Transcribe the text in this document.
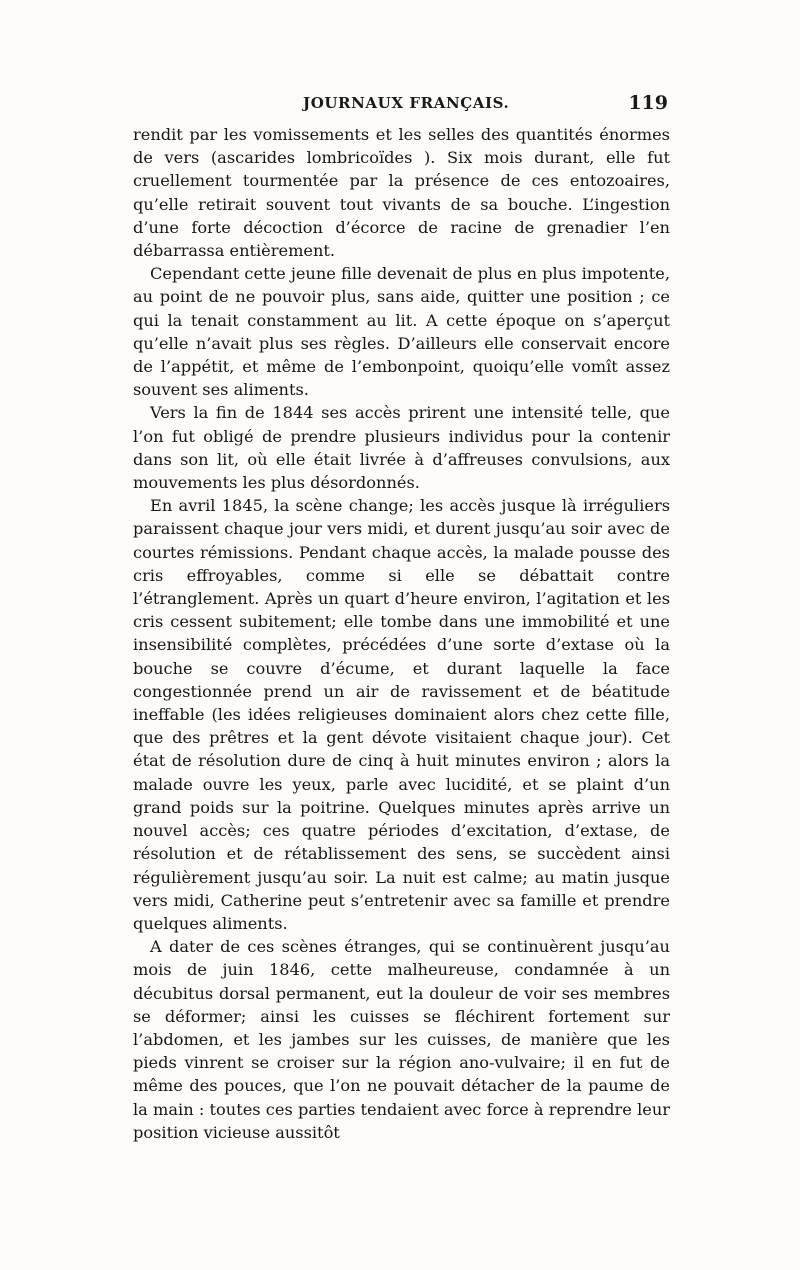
JOURNAUX FRANÇAIS.	119

rendit par les vomissements et les selles des quantités énormes de vers (ascarides lombricoïdes ). Six mois durant, elle fut cruellement tourmentée par la présence de ces entozoaires, qu’elle retirait souvent tout vivants de sa bouche. L’ingestion d’une forte décoction d’écorce de racine de grenadier l’en débarrassa entièrement.

Cependant cette jeune fille devenait de plus en plus impotente, au point de ne pouvoir plus, sans aide, quitter une position ; ce qui la tenait constamment au lit. A cette époque on s’aperçut qu’elle n’avait plus ses règles. D’ailleurs elle conservait encore de l’appétit, et même de l’embonpoint, quoiqu’elle vomît assez souvent ses aliments.

Vers la fin de 1844 ses accès prirent une intensité telle, que l’on fut obligé de prendre plusieurs individus pour la contenir dans son lit, où elle était livrée à d’affreuses convulsions, aux mouvements les plus désordonnés.

En avril 1845, la scène change; les accès jusque là irréguliers paraissent chaque jour vers midi, et durent jusqu’au soir avec de courtes rémissions. Pendant chaque accès, la malade pousse des cris effroyables, comme si elle se débattait contre l’étranglement. Après un quart d’heure environ, l’agitation et les cris cessent subitement; elle tombe dans une immobilité et une insensibilité complètes, précédées d’une sorte d’extase où la bouche se couvre d’écume, et durant laquelle la face congestionnée prend un air de ravissement et de béatitude ineffable (les idées religieuses dominaient alors chez cette fille, que des prêtres et la gent dévote visitaient chaque jour). Cet état de résolution dure de cinq à huit minutes environ ; alors la malade ouvre les yeux, parle avec lucidité, et se plaint d’un grand poids sur la poitrine. Quelques minutes après arrive un nouvel accès; ces quatre périodes d’excitation, d’extase, de résolution et de rétablissement des sens, se succèdent ainsi régulièrement jusqu’au soir. La nuit est calme; au matin jusque vers midi, Catherine peut s’entretenir avec sa famille et prendre quelques aliments.

A dater de ces scènes étranges, qui se continuèrent jusqu’au mois de juin 1846, cette malheureuse, condamnée à un décubitus dorsal permanent, eut la douleur de voir ses membres se déformer; ainsi les cuisses se fléchirent fortement sur l’abdomen, et les jambes sur les cuisses, de manière que les pieds vinrent se croiser sur la région ano-vulvaire; il en fut de même des pouces, que l’on ne pouvait détacher de la paume de la main : toutes ces parties tendaient avec force à reprendre leur position vicieuse aussitôt
